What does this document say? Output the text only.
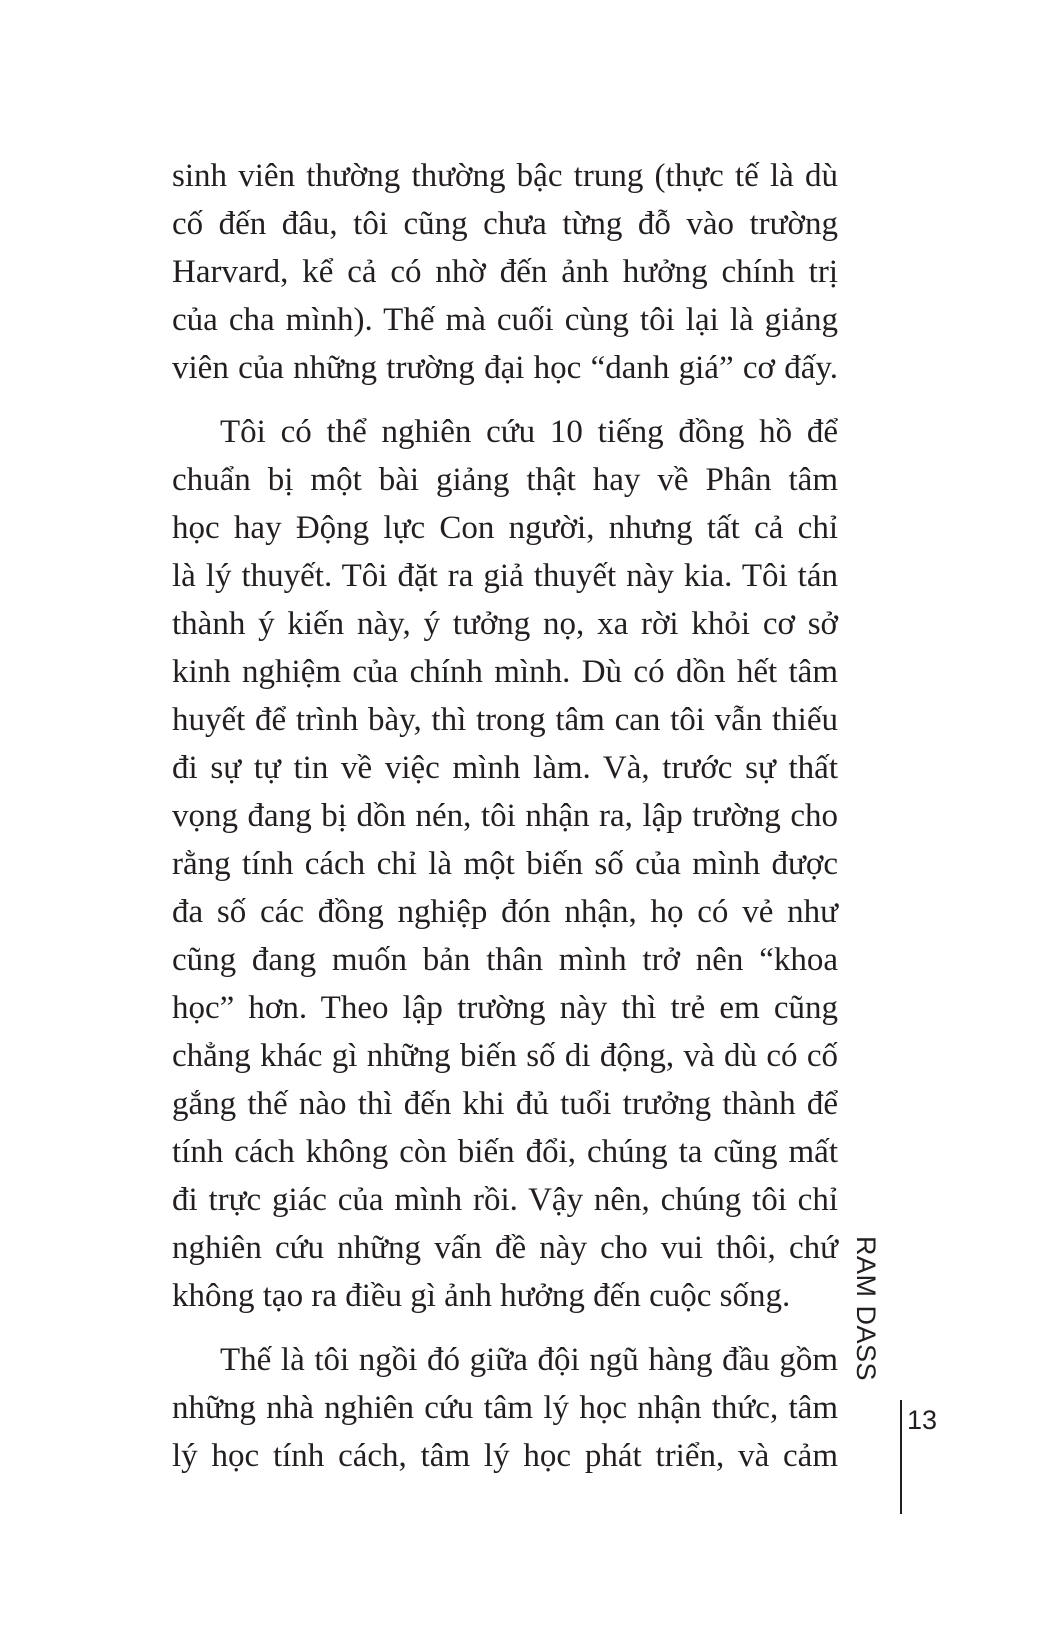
sinh viên thường thường bậc trung (thực tế là dù
cố đến đâu, tôi cũng chưa từng đỗ vào trường
Harvard, kể cả có nhờ đến ảnh hưởng chính trị
của cha mình). Thế mà cuối cùng tôi lại là giảng
viên của những trường đại học “danh giá” cơ đấy.
Tôi có thể nghiên cứu 10 tiếng đồng hồ để
chuẩn bị một bài giảng thật hay về Phân tâm
học hay Động lực Con người, nhưng tất cả chỉ
là lý thuyết. Tôi đặt ra giả thuyết này kia. Tôi tán
thành ý kiến này, ý tưởng nọ, xa rời khỏi cơ sở
kinh nghiệm của chính mình. Dù có dồn hết tâm
huyết để trình bày, thì trong tâm can tôi vẫn thiếu
đi sự tự tin về việc mình làm. Và, trước sự thất
vọng đang bị dồn nén, tôi nhận ra, lập trường cho
rằng tính cách chỉ là một biến số của mình được
đa số các đồng nghiệp đón nhận, họ có vẻ như
cũng đang muốn bản thân mình trở nên “khoa
học” hơn. Theo lập trường này thì trẻ em cũng
chẳng khác gì những biến số di động, và dù có cố
gắng thế nào thì đến khi đủ tuổi trưởng thành để
tính cách không còn biến đổi, chúng ta cũng mất
đi trực giác của mình rồi. Vậy nên, chúng tôi chỉ
nghiên cứu những vấn đề này cho vui thôi, chứ
không tạo ra điều gì ảnh hưởng đến cuộc sống.
Thế là tôi ngồi đó giữa đội ngũ hàng đầu gồm
những nhà nghiên cứu tâm lý học nhận thức, tâm
lý học tính cách, tâm lý học phát triển, và cảm
RAM DASS
13
